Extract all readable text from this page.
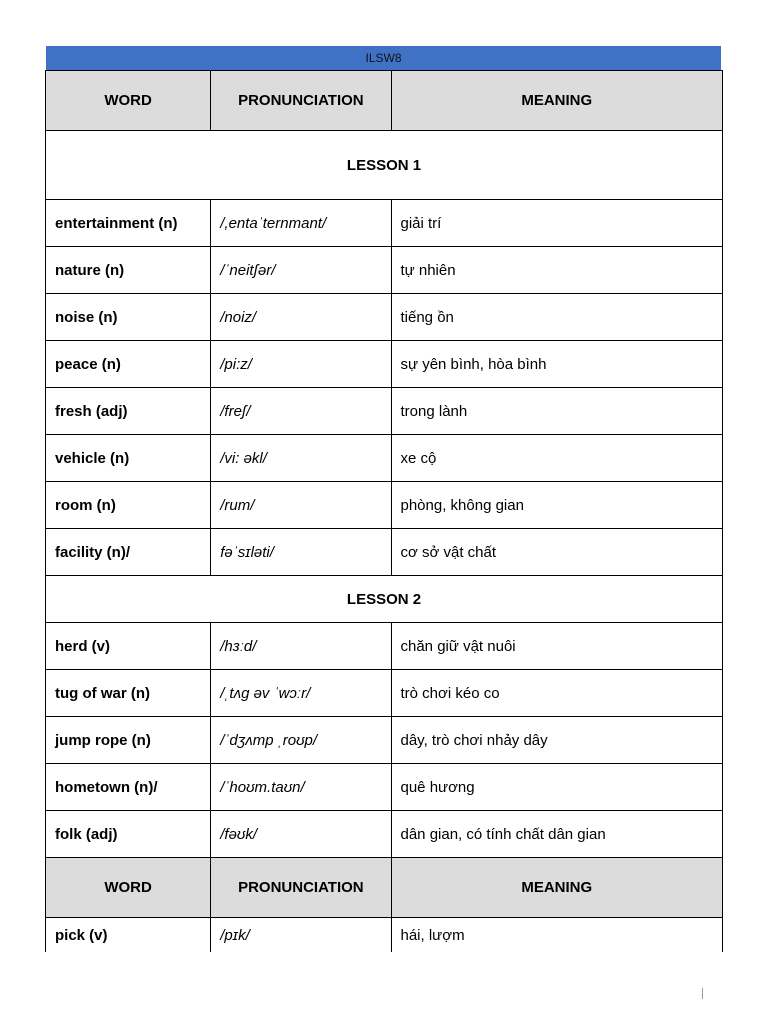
ILSW8
WORD	PRONUNCIATION	MEANING
LESSON 1		
entertainment (n)	/,entaˈternmant/	giải trí
nature (n)	/ˈneitʃər/	tự nhiên
noise (n)	/noiz/	tiếng ồn
peace (n)	/pi:z/	sự yên bình, hòa bình
fresh (adj)	/freʃ/	trong lành
vehicle (n)	/vi: əkl/	xe cộ
room (n)	/rum/	phòng, không gian
facility (n)/	fəˈsɪləti/	cơ sở vật chất
LESSON 2		
herd (v)	/hɜːd/	chăn giữ vật nuôi
tug of war (n)	/ˌtʌg əv ˈwɔːr/	trò chơi kéo co
jump rope (n)	/ˈdʒʌmp ˌroʊp/	dây, trò chơi nhảy dây
hometown (n)/	/ˈhoʊm.taʊn/	quê hương
folk (adj)	/fəʊk/	dân gian, có tính chất dân gian
WORD	PRONUNCIATION	MEANING
pick (v)	/pɪk/	hái, lượm
